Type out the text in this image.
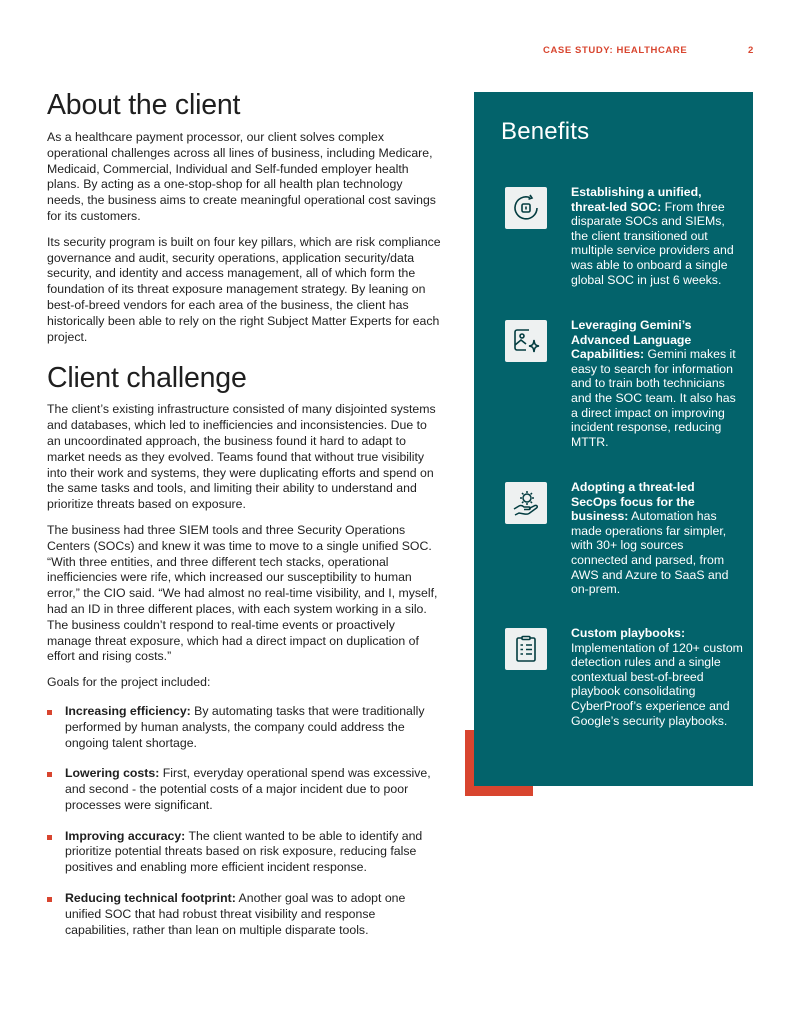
CASE STUDY: HEALTHCARE	2
About the client

As a healthcare payment processor, our client solves complex operational challenges across all lines of business, including Medicare, Medicaid, Commercial, Individual and Self-funded employer health plans. By acting as a one-stop-shop for all health plan technology needs, the business aims to create meaningful operational cost savings for its customers.

Its security program is built on four key pillars, which are risk compliance governance and audit, security operations, application security/data security, and identity and access management, all of which form the foundation of its threat exposure management strategy. By leaning on best-of-breed vendors for each area of the business, the client has historically been able to rely on the right Subject Matter Experts for each project.

Client challenge

The client’s existing infrastructure consisted of many disjointed systems and databases, which led to inefficiencies and inconsistencies. Due to an uncoordinated approach, the business found it hard to adapt to market needs as they evolved. Teams found that without true visibility into their work and systems, they were duplicating efforts and spend on the same tasks and tools, and limiting their ability to understand and prioritize threats based on exposure.

The business had three SIEM tools and three Security Operations Centers (SOCs) and knew it was time to move to a single unified SOC. “With three entities, and three different tech stacks, operational inefficiencies were rife, which increased our susceptibility to human error,” the CIO said. “We had almost no real-time visibility, and I, myself, had an ID in three different places, with each system working in a silo. The business couldn’t respond to real-time events or proactively manage threat exposure, which had a direct impact on duplication of effort and rising costs.”

Goals for the project included:

Increasing efficiency: By automating tasks that were traditionally performed by human analysts, the company could address the ongoing talent shortage.
Lowering costs: First, everyday operational spend was excessive, and second - the potential costs of a major incident due to poor processes were significant.
Improving accuracy: The client wanted to be able to identify and prioritize potential threats based on risk exposure, reducing false positives and enabling more efficient incident response.
Reducing technical footprint: Another goal was to adopt one unified SOC that had robust threat visibility and response capabilities, rather than lean on multiple disparate tools.
Benefits
Establishing a unified, threat-led SOC: From three disparate SOCs and SIEMs, the client transitioned out multiple service providers and was able to onboard a single global SOC in just 6 weeks.
Leveraging Gemini’s Advanced Language Capabilities: Gemini makes it easy to search for information and to train both technicians and the SOC team. It also has a direct impact on improving incident response, reducing MTTR.
Adopting a threat-led SecOps focus for the business: Automation has made operations far simpler, with 30+ log sources connected and parsed, from AWS and Azure to SaaS and on-prem.
Custom playbooks: Implementation of 120+ custom detection rules and a single contextual best-of-breed playbook consolidating CyberProof’s experience and Google’s security playbooks.
